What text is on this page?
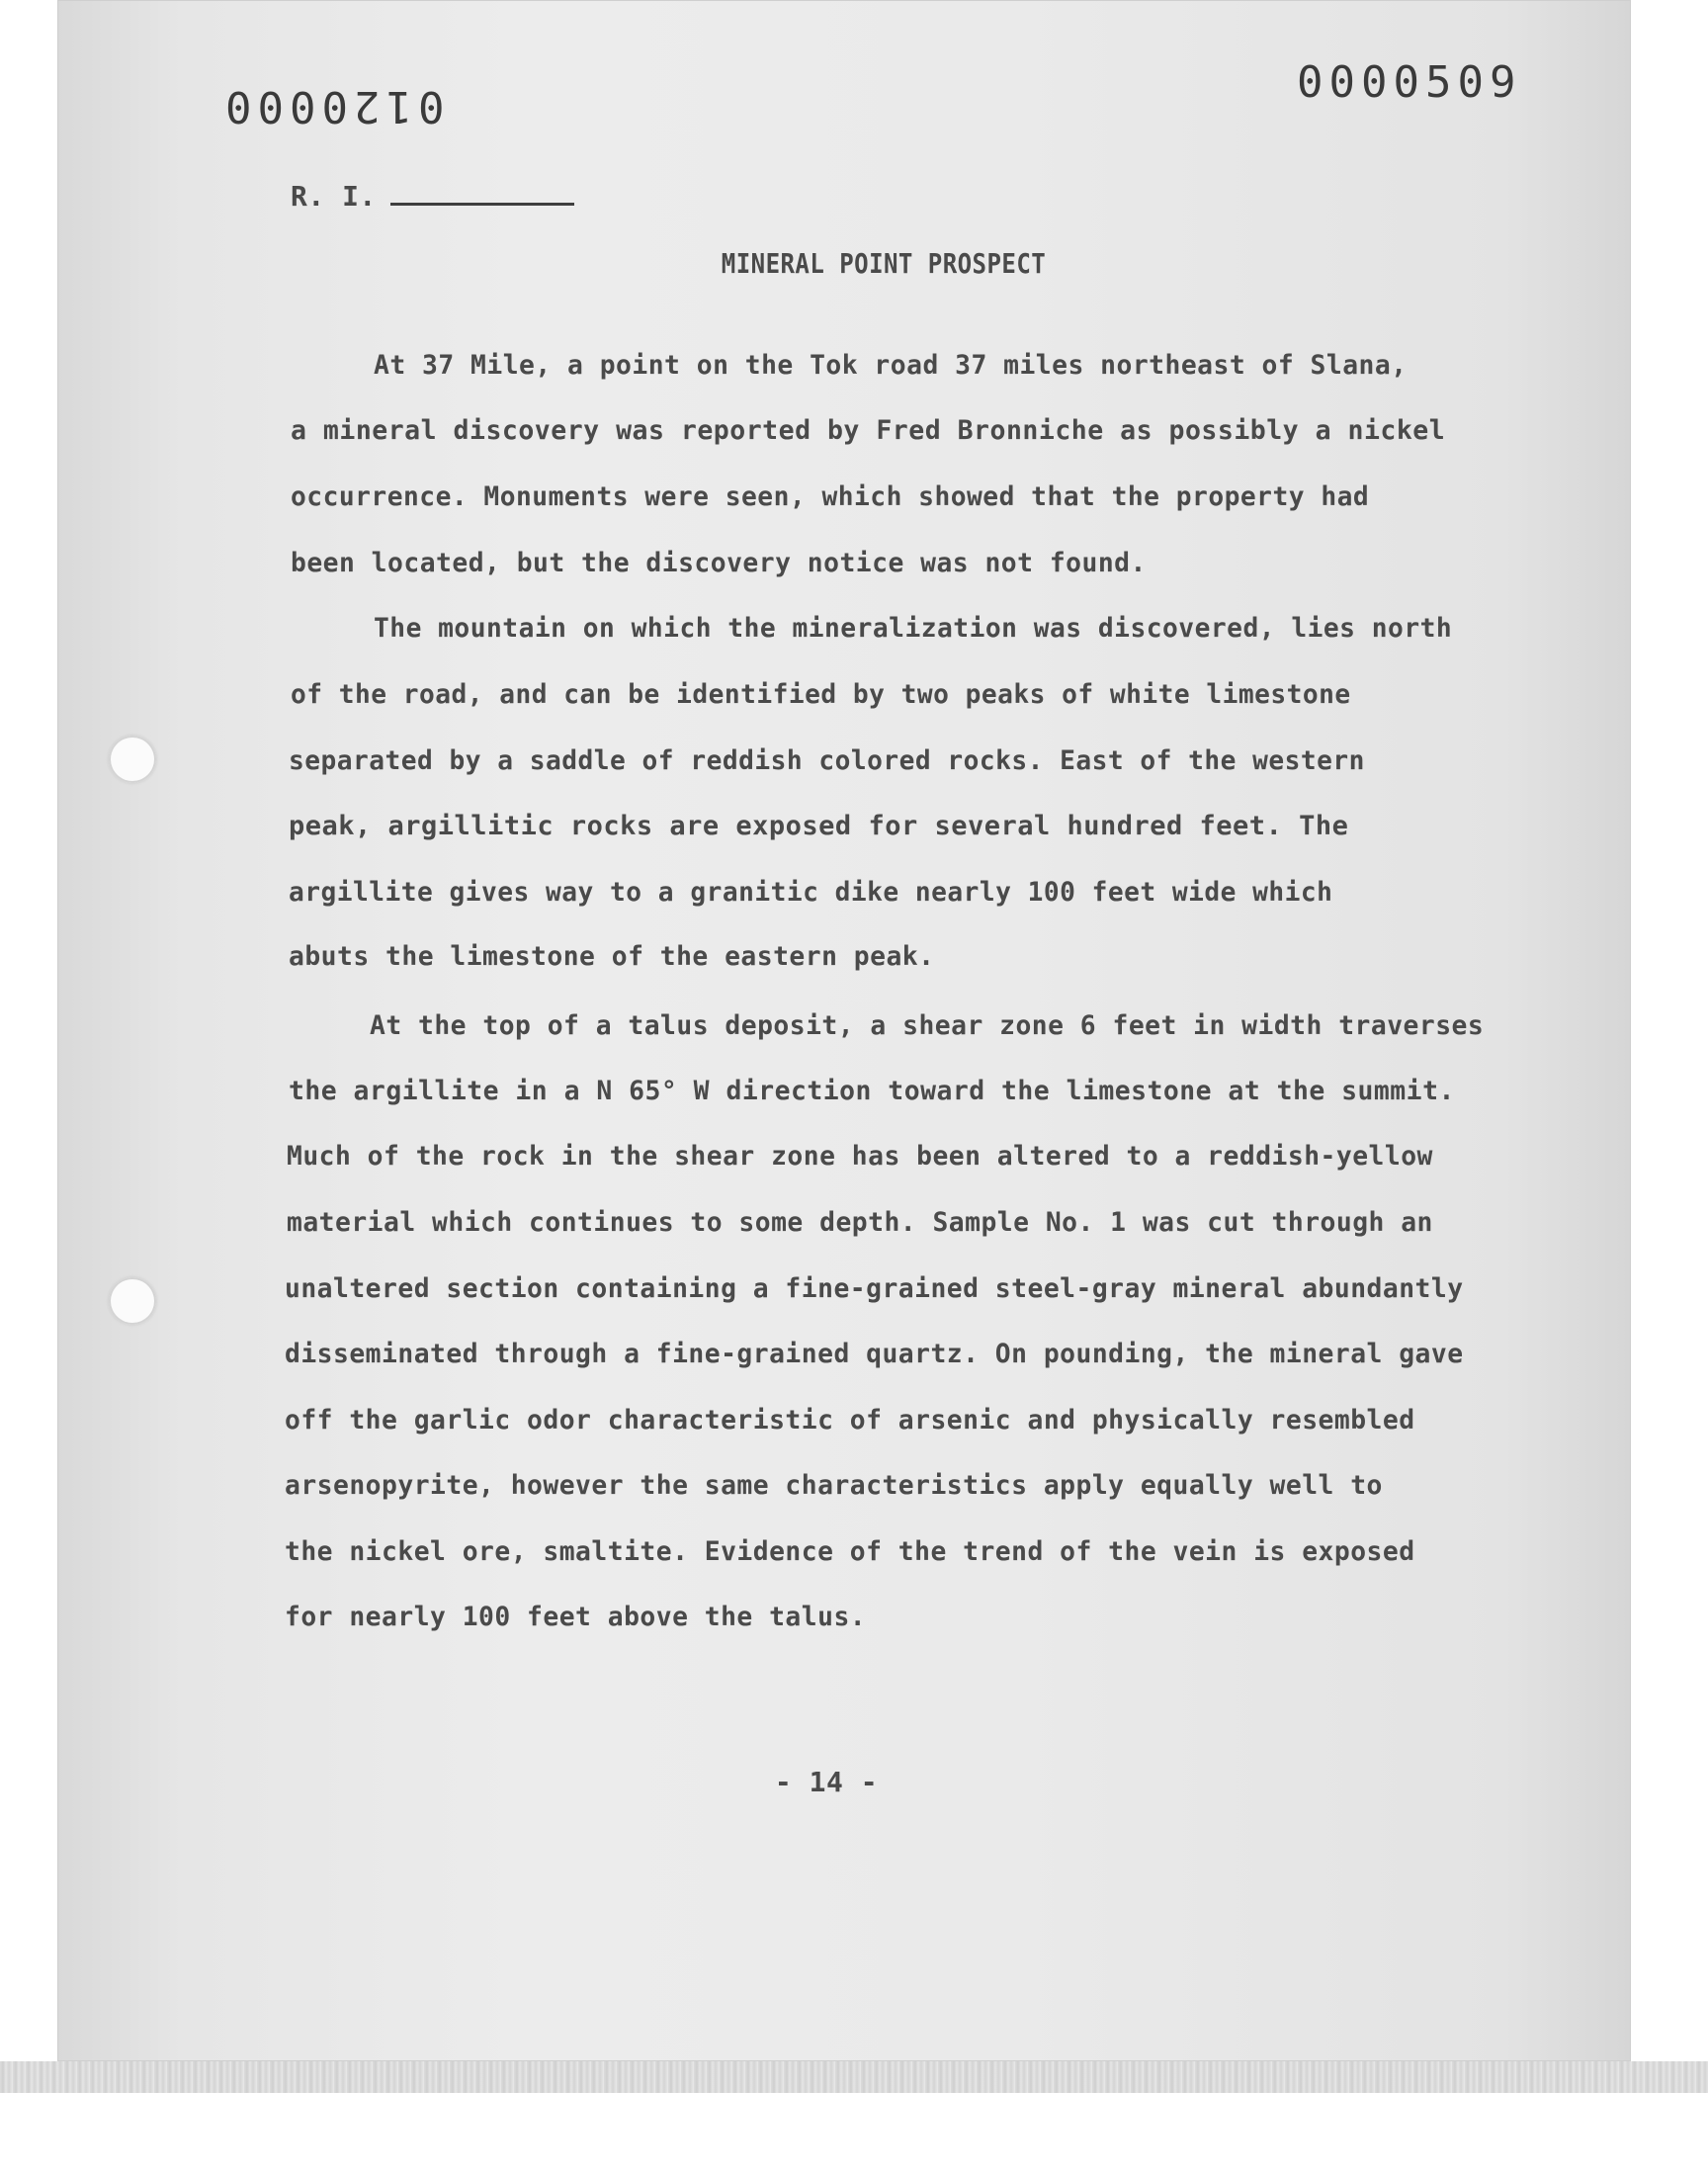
0120000	0000509
R. I.
MINERAL POINT PROSPECT
At 37 Mile, a point on the Tok road 37 miles northeast of Slana,
a mineral discovery was reported by Fred Bronniche as possibly a nickel
occurrence. Monuments were seen, which showed that the property had
been located, but the discovery notice was not found.
The mountain on which the mineralization was discovered, lies north
of the road, and can be identified by two peaks of white limestone
separated by a saddle of reddish colored rocks. East of the western
peak, argillitic rocks are exposed for several hundred feet. The
argillite gives way to a granitic dike nearly 100 feet wide which
abuts the limestone of the eastern peak.
At the top of a talus deposit, a shear zone 6 feet in width traverses
the argillite in a N 65° W direction toward the limestone at the summit.
Much of the rock in the shear zone has been altered to a reddish-yellow
material which continues to some depth. Sample No. 1 was cut through an
unaltered section containing a fine-grained steel-gray mineral abundantly
disseminated through a fine-grained quartz. On pounding, the mineral gave
off the garlic odor characteristic of arsenic and physically resembled
arsenopyrite, however the same characteristics apply equally well to
the nickel ore, smaltite. Evidence of the trend of the vein is exposed
for nearly 100 feet above the talus.
- 14 -
